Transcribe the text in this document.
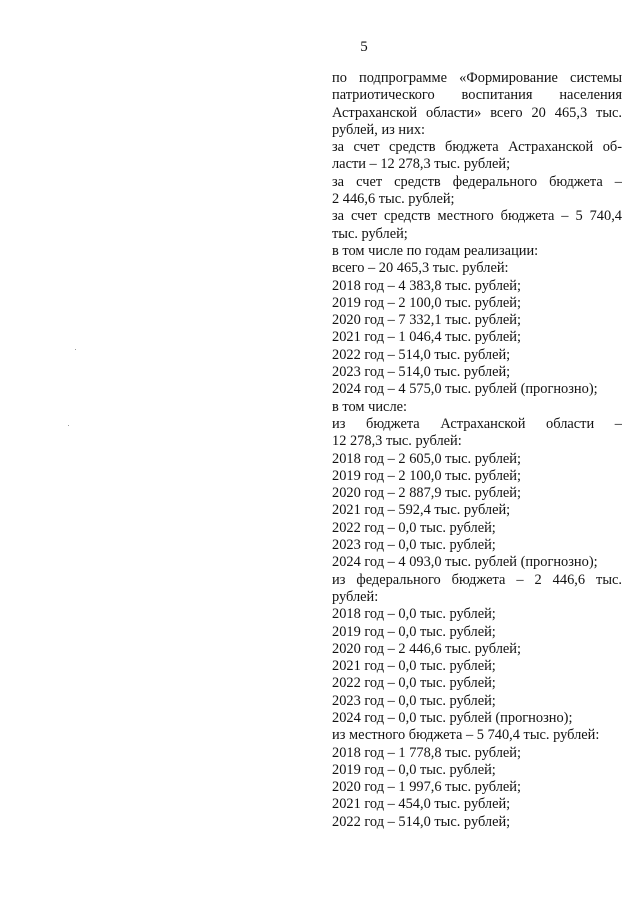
5
по подпрограмме «Формирование системы
патриотического воспитания населения
Астраханской области» всего 20 465,3 тыс.
рублей, из них:
за счет средств бюджета Астраханской об-
ласти – 12 278,3 тыс. рублей;
за счет средств федерального бюджета –
2 446,6 тыс. рублей;
за счет средств местного бюджета – 5 740,4
тыс. рублей;
в том числе по годам реализации:
всего – 20 465,3 тыс. рублей:
2018 год – 4 383,8 тыс. рублей;
2019 год – 2 100,0 тыс. рублей;
2020 год – 7 332,1 тыс. рублей;
2021 год – 1 046,4 тыс. рублей;
2022 год – 514,0 тыс. рублей;
2023 год – 514,0 тыс. рублей;
2024 год – 4 575,0 тыс. рублей (прогнозно);
в том числе:
из бюджета Астраханской области –
12 278,3 тыс. рублей:
2018 год – 2 605,0 тыс. рублей;
2019 год – 2 100,0 тыс. рублей;
2020 год – 2 887,9 тыс. рублей;
2021 год – 592,4 тыс. рублей;
2022 год – 0,0 тыс. рублей;
2023 год – 0,0 тыс. рублей;
2024 год – 4 093,0 тыс. рублей (прогнозно);
из федерального бюджета – 2 446,6 тыс.
рублей:
2018 год – 0,0 тыс. рублей;
2019 год – 0,0 тыс. рублей;
2020 год – 2 446,6 тыс. рублей;
2021 год – 0,0 тыс. рублей;
2022 год – 0,0 тыс. рублей;
2023 год – 0,0 тыс. рублей;
2024 год – 0,0 тыс. рублей (прогнозно);
из местного бюджета – 5 740,4 тыс. рублей:
2018 год – 1 778,8 тыс. рублей;
2019 год – 0,0 тыс. рублей;
2020 год – 1 997,6 тыс. рублей;
2021 год – 454,0 тыс. рублей;
2022 год – 514,0 тыс. рублей;
